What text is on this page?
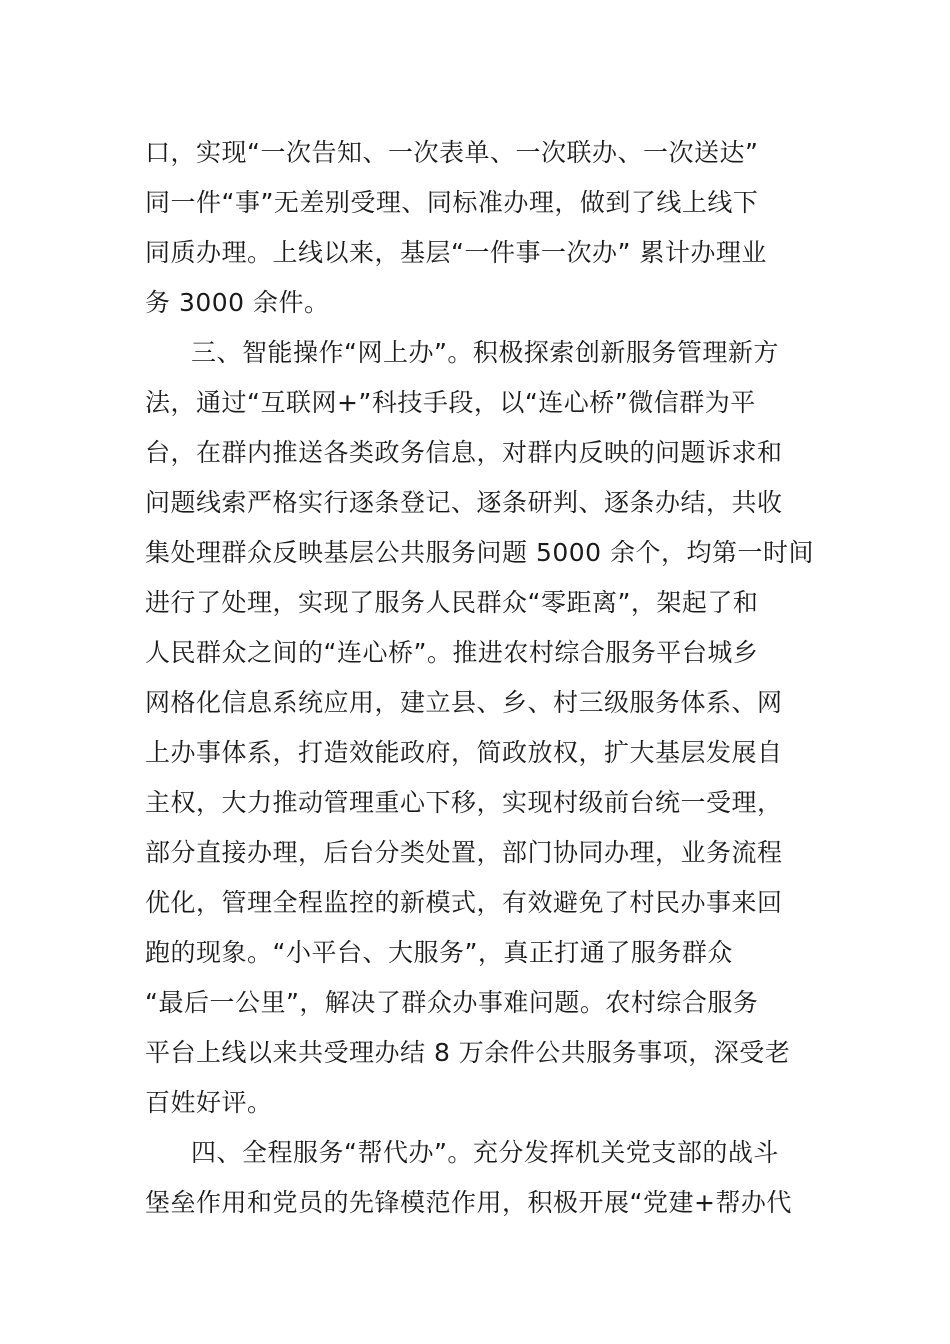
口，实现“一次告知、一次表单、一次联办、一次送达”
同一件“事”无差别受理、同标准办理，做到了线上线下
同质办理。上线以来，基层“一件事一次办” 累计办理业
务 3000 余件。
三、智能操作“网上办”。积极探索创新服务管理新方
法，通过“互联网+”科技手段，以“连心桥”微信群为平
台，在群内推送各类政务信息，对群内反映的问题诉求和
问题线索严格实行逐条登记、逐条研判、逐条办结，共收
集处理群众反映基层公共服务问题 5000 余个，均第一时间
进行了处理，实现了服务人民群众“零距离”，架起了和
人民群众之间的“连心桥”。推进农村综合服务平台城乡
网格化信息系统应用，建立县、乡、村三级服务体系、网
上办事体系，打造效能政府，简政放权，扩大基层发展自
主权，大力推动管理重心下移，实现村级前台统一受理，
部分直接办理，后台分类处置，部门协同办理，业务流程
优化，管理全程监控的新模式，有效避免了村民办事来回
跑的现象。“小平台、大服务”，真正打通了服务群众
“最后一公里”，解决了群众办事难问题。农村综合服务
平台上线以来共受理办结 8 万余件公共服务事项，深受老
百姓好评。
四、全程服务“帮代办”。充分发挥机关党支部的战斗
堡垒作用和党员的先锋模范作用，积极开展“党建+帮办代
